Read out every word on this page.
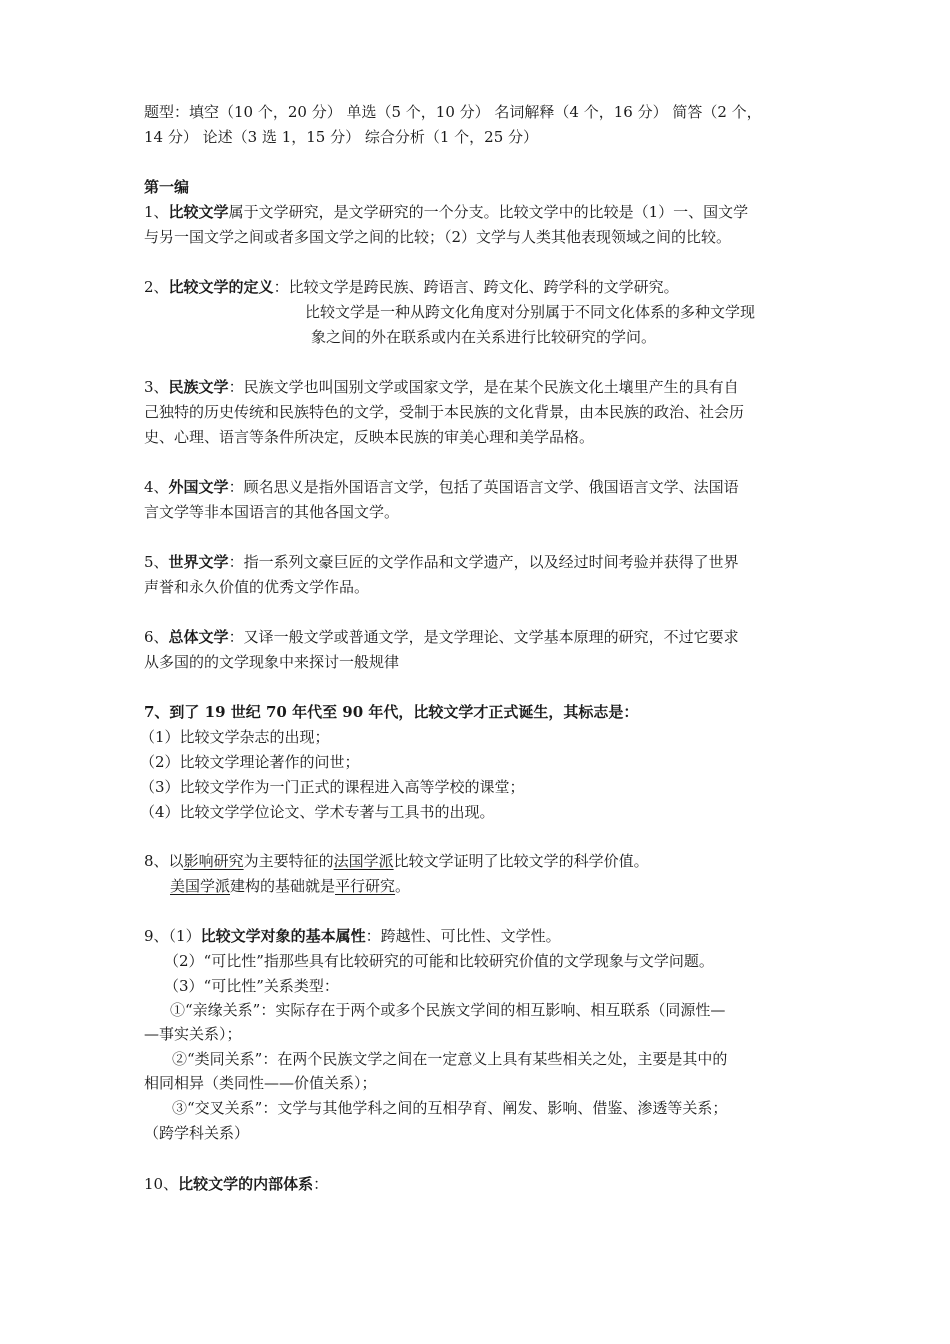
题型：填空（10 个，20 分） 单选（5 个，10 分） 名词解释（4 个，16 分） 简答（2 个，
14 分） 论述（3 选 1，15 分） 综合分析（1 个，25 分）
第一编
1、比较文学属于文学研究，是文学研究的一个分支。比较文学中的比较是（1）一、国文学
与另一国文学之间或者多国文学之间的比较；（2）文学与人类其他表现领域之间的比较。
2、比较文学的定义：比较文学是跨民族、跨语言、跨文化、跨学科的文学研究。
比较文学是一种从跨文化角度对分别属于不同文化体系的多种文学现
象之间的外在联系或内在关系进行比较研究的学问。
3、民族文学：民族文学也叫国别文学或国家文学，是在某个民族文化土壤里产生的具有自
己独特的历史传统和民族特色的文学，受制于本民族的文化背景，由本民族的政治、社会历
史、心理、语言等条件所决定，反映本民族的审美心理和美学品格。
4、外国文学：顾名思义是指外国语言文学，包括了英国语言文学、俄国语言文学、法国语
言文学等非本国语言的其他各国文学。
5、世界文学：指一系列文豪巨匠的文学作品和文学遗产，以及经过时间考验并获得了世界
声誉和永久价值的优秀文学作品。
6、总体文学：又译一般文学或普通文学，是文学理论、文学基本原理的研究，不过它要求
从多国的的文学现象中来探讨一般规律
7、到了 19 世纪 70 年代至 90 年代，比较文学才正式诞生，其标志是：
（1）比较文学杂志的出现；
（2）比较文学理论著作的问世；
（3）比较文学作为一门正式的课程进入高等学校的课堂；
（4）比较文学学位论文、学术专著与工具书的出现。
8、以影响研究为主要特征的法国学派比较文学证明了比较文学的科学价值。
美国学派建构的基础就是平行研究。
9、（1）比较文学对象的基本属性：跨越性、可比性、文学性。
（2）“可比性”指那些具有比较研究的可能和比较研究价值的文学现象与文学问题。
（3）“可比性”关系类型：
①“亲缘关系”：实际存在于两个或多个民族文学间的相互影响、相互联系（同源性—
—事实关系）；
②“类同关系”：在两个民族文学之间在一定意义上具有某些相关之处，主要是其中的
相同相异（类同性——价值关系）；
③“交叉关系”：文学与其他学科之间的互相孕育、阐发、影响、借鉴、渗透等关系；
（跨学科关系）
10、比较文学的内部体系：
